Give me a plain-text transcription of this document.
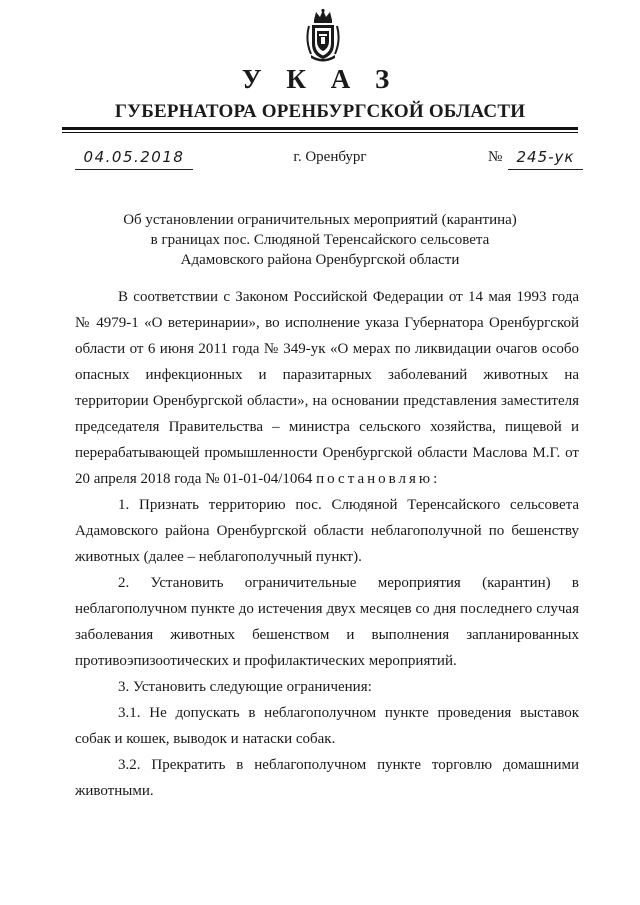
У К А З
ГУБЕРНАТОРА ОРЕНБУРГСКОЙ ОБЛАСТИ
04.05.2018	г. Оренбург	№ 245-ук
Об установлении ограничительных мероприятий (карантина)
в границах пос. Слюдяной Теренсайского сельсовета
Адамовского района Оренбургской области

В соответствии с Законом Российской Федерации от 14 мая 1993 года № 4979-1 «О ветеринарии», во исполнение указа Губернатора Оренбургской области от 6 июня 2011 года № 349-ук «О мерах по ликвидации очагов особо опасных инфекционных и паразитарных заболеваний животных на территории Оренбургской области», на основании представления заместителя председателя Правительства – министра сельского хозяйства, пищевой и перерабатывающей промышленности Оренбургской области Маслова М.Г. от 20 апреля 2018 года № 01-01-04/1064 постановляю:

1. Признать территорию пос. Слюдяной Теренсайского сельсовета Адамовского района Оренбургской области неблагополучной по бешенству животных (далее – неблагополучный пункт).

2. Установить ограничительные мероприятия (карантин) в неблагополучном пункте до истечения двух месяцев со дня последнего случая заболевания животных бешенством и выполнения запланированных противоэпизоотических и профилактических мероприятий.

3. Установить следующие ограничения:

3.1. Не допускать в неблагополучном пункте проведения выставок собак и кошек, выводок и натаски собак.

3.2. Прекратить в неблагополучном пункте торговлю домашними животными.
